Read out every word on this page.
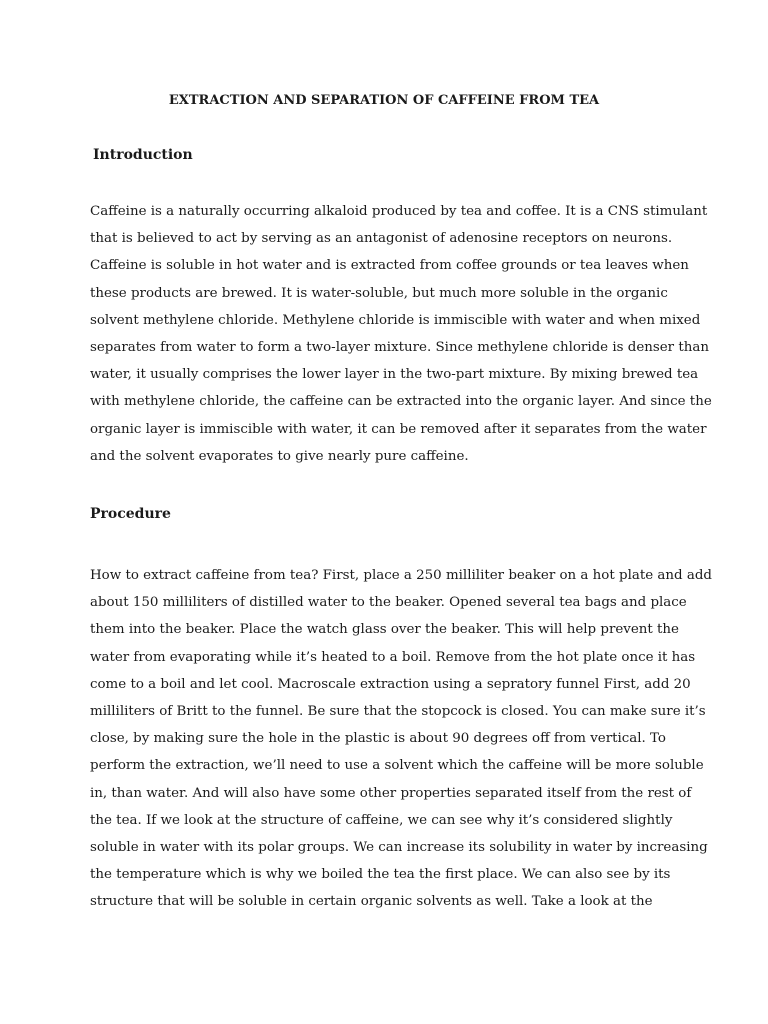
EXTRACTION AND SEPARATION OF CAFFEINE FROM TEA
Introduction
Caffeine is a naturally occurring alkaloid produced by tea and coffee. It is a CNS stimulant
that is believed to act by serving as an antagonist of adenosine receptors on neurons.
Caffeine is soluble in hot water and is extracted from coffee grounds or tea leaves when
these products are brewed. It is water-soluble, but much more soluble in the organic
solvent methylene chloride. Methylene chloride is immiscible with water and when mixed
separates from water to form a two-layer mixture. Since methylene chloride is denser than
water, it usually comprises the lower layer in the two-part mixture. By mixing brewed tea
with methylene chloride, the caffeine can be extracted into the organic layer. And since the
organic layer is immiscible with water, it can be removed after it separates from the water
and the solvent evaporates to give nearly pure caffeine.
Procedure
How to extract caffeine from tea? First, place a 250 milliliter beaker on a hot plate and add
about 150 milliliters of distilled water to the beaker. Opened several tea bags and place
them into the beaker. Place the watch glass over the beaker. This will help prevent the
water from evaporating while it’s heated to a boil. Remove from the hot plate once it has
come to a boil and let cool. Macroscale extraction using a sepratory funnel First, add 20
milliliters of Britt to the funnel. Be sure that the stopcock is closed. You can make sure it’s
close, by making sure the hole in the plastic is about 90 degrees off from vertical. To
perform the extraction, we’ll need to use a solvent which the caffeine will be more soluble
in, than water. And will also have some other properties separated itself from the rest of
the tea. If we look at the structure of caffeine, we can see why it’s considered slightly
soluble in water with its polar groups. We can increase its solubility in water by increasing
the temperature which is why we boiled the tea the first place. We can also see by its
structure that will be soluble in certain organic solvents as well. Take a look at the
